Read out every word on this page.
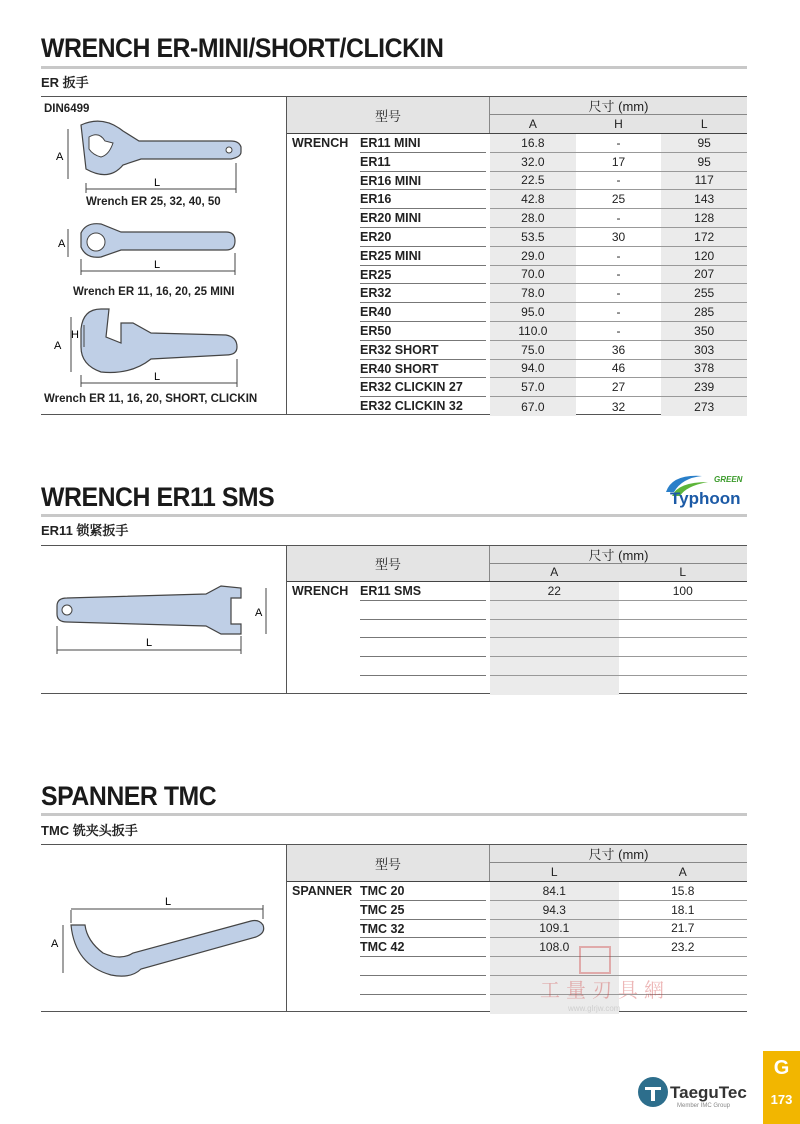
WRENCH ER-MINI/SHORT/CLICKIN
ER 扳手
A
L
A
L
A
H
L
DIN6499
Wrench ER 25, 32, 40, 50
Wrench ER 11, 16, 20, 25 MINI
Wrench ER 11, 16, 20, SHORT, CLICKIN
型号
尺寸 (mm)
A	H	L
WRENCH ER11 MINI	16.8	-	95
ER11	32.0	17	95
ER16 MINI	22.5	-	117
ER16	42.8	25	143
ER20 MINI	28.0	-	128
ER20	53.5	30	172
ER25 MINI	29.0	-	120
ER25	70.0	-	207
ER32	78.0	-	255
ER40	95.0	-	285
ER50	110.0	-	350
ER32 SHORT	75.0	36	303
ER40 SHORT	94.0	46	378
ER32 CLICKIN 27	57.0	27	239
ER32 CLICKIN 32	67.0	32	273
GREEN
Typhoon
WRENCH ER11 SMS
ER11 锁紧扳手
A
L
型号
尺寸 (mm)
A	L
WRENCH ER11 SMS	22	100
SPANNER TMC
TMC 铣夹头扳手
L
A
型号
尺寸 (mm)
L	A
SPANNER TMC 20	84.1	15.8
TMC 25	94.3	18.1
TMC 32	109.1	21.7
TMC 42	108.0	23.2
工量刃具網
www.glrjw.com
TaeguTec
Member IMC Group
G
173
